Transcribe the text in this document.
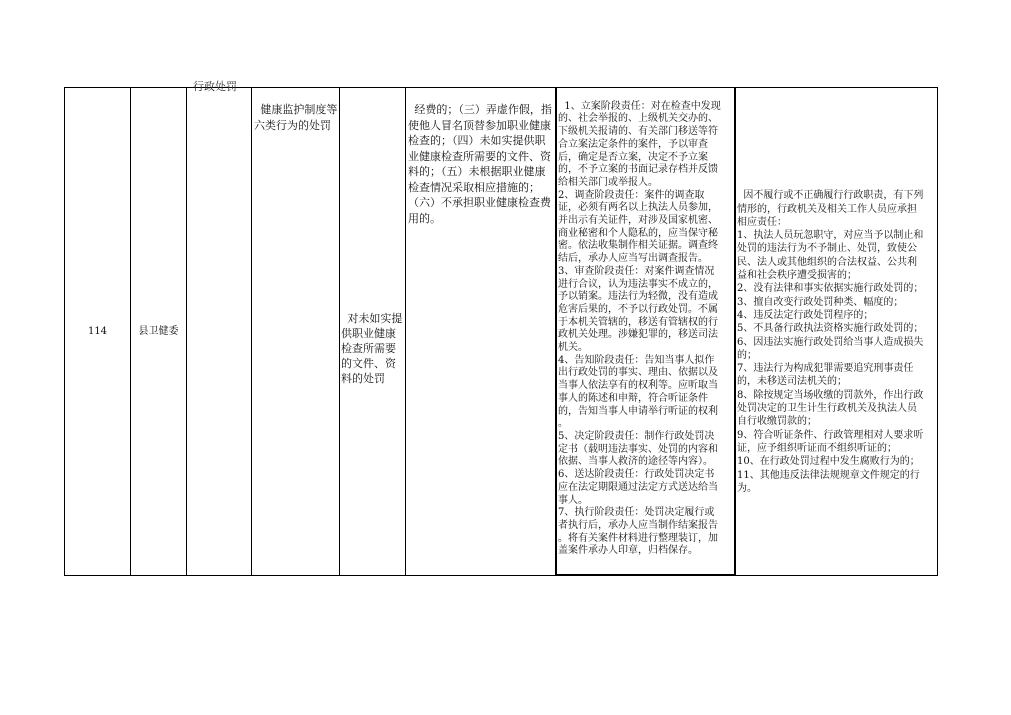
114	县卫健委
行政处罚

健康监护制度等
六类行为的处罚

对未如实提
供职业健康
检查所需要
的文件、资
料的处罚

经费的；（三）弄虚作假，指
使他人冒名顶替参加职业健康
检查的；（四）未如实提供职
业健康检查所需要的文件、资
料的；（五）未根据职业健康
检查情况采取相应措施的；
（六）不承担职业健康检查费
用的。

1、立案阶段责任：对在检查中发现
的、社会举报的、上级机关交办的、
下级机关报请的、有关部门移送等符
合立案法定条件的案件，予以审查
后，确定是否立案，决定不予立案
的，不予立案的书面记录存档并反馈
给相关部门或举报人。
2、调查阶段责任：案件的调查取
证，必须有两名以上执法人员参加，
并出示有关证件，对涉及国家机密、
商业秘密和个人隐私的，应当保守秘
密。依法收集制作相关证据。调查终
结后，承办人应当写出调查报告。
3、审查阶段责任：对案件调查情况
进行合议，认为违法事实不成立的，
予以销案。违法行为轻微，没有造成
危害后果的，不予以行政处罚。不属
于本机关管辖的，移送有管辖权的行
政机关处理。涉嫌犯罪的，移送司法
机关。
4、告知阶段责任：告知当事人拟作
出行政处罚的事实、理由、依据以及
当事人依法享有的权利等。应听取当
事人的陈述和申辩，符合听证条件
的，告知当事人申请举行听证的权利
。
5、决定阶段责任：制作行政处罚决
定书（载明违法事实、处罚的内容和
依据、当事人救济的途径等内容）。
6、送达阶段责任：行政处罚决定书
应在法定期限通过法定方式送达给当
事人。
7、执行阶段责任：处罚决定履行或
者执行后，承办人应当制作结案报告
。将有关案件材料进行整理装订，加
盖案件承办人印章，归档保存。

因不履行或不正确履行行政职责，有下列
情形的，行政机关及相关工作人员应承担
相应责任：
1、执法人员玩忽职守，对应当予以制止和
处罚的违法行为不予制止、处罚，致使公
民、法人或其他组织的合法权益、公共利
益和社会秩序遭受损害的；
2、没有法律和事实依据实施行政处罚的；
3、擅自改变行政处罚种类、幅度的；
4、违反法定行政处罚程序的；
5、不具备行政执法资格实施行政处罚的；
6、因违法实施行政处罚给当事人造成损失
的；
7、违法行为构成犯罪需要追究刑事责任
的，未移送司法机关的；
8、除按规定当场收缴的罚款外，作出行政
处罚决定的卫生计生行政机关及执法人员
自行收缴罚款的；
9、符合听证条件、行政管理相对人要求听
证，应予组织听证而不组织听证的；
10、在行政处罚过程中发生腐败行为的；
11、其他违反法律法规规章文件规定的行
为。
